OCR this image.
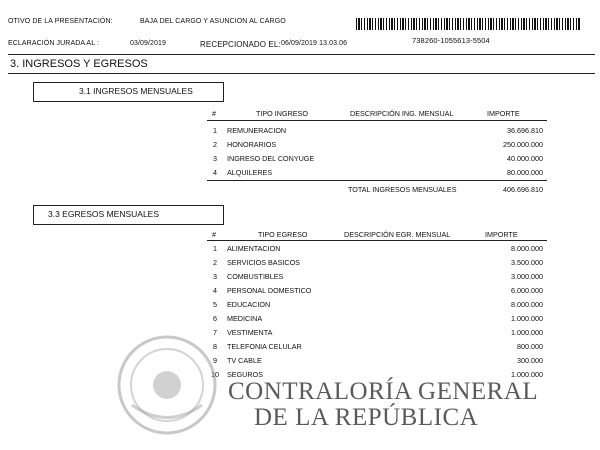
OTIVO DE LA PRESENTACIÓN:	BAJA DEL CARGO Y ASUNCION AL CARGO
ECLARACIÓN JURADA AL :	03/09/2019	RECEPCIONADO EL: 06/09/2019 13.03.06	738260-1055613-5504
3. INGRESOS Y EGRESOS
3.1 INGRESOS MENSUALES
#	TIPO INGRESO	DESCRIPCIÓN ING. MENSUAL	IMPORTE
1	REMUNERACION	36.696.810
2	HONORARIOS	250.000.000
3	INGRESO DEL CONYUGE	40.000.000
4	ALQUILERES	80.000.000
TOTAL INGRESOS MENSUALES	406.696.810
3.3 EGRESOS MENSUALES
#	TIPO EGRESO	DESCRIPCIÓN EGR. MENSUAL	IMPORTE
1	ALIMENTACION	8.000.000
2	SERVICIOS BASICOS	3.500.000
3	COMBUSTIBLES	3.000.000
4	PERSONAL DOMESTICO	6.000.000
5	EDUCACION	8.000.000
6	MEDICINA	1.000.000
7	VESTIMENTA	1.000.000
8	TELEFONIA CELULAR	800.000
9	TV CABLE	300.000
10	SEGUROS	1.000.000
CONTRALORÍA GENERAL
DE LA REPÚBLICA
